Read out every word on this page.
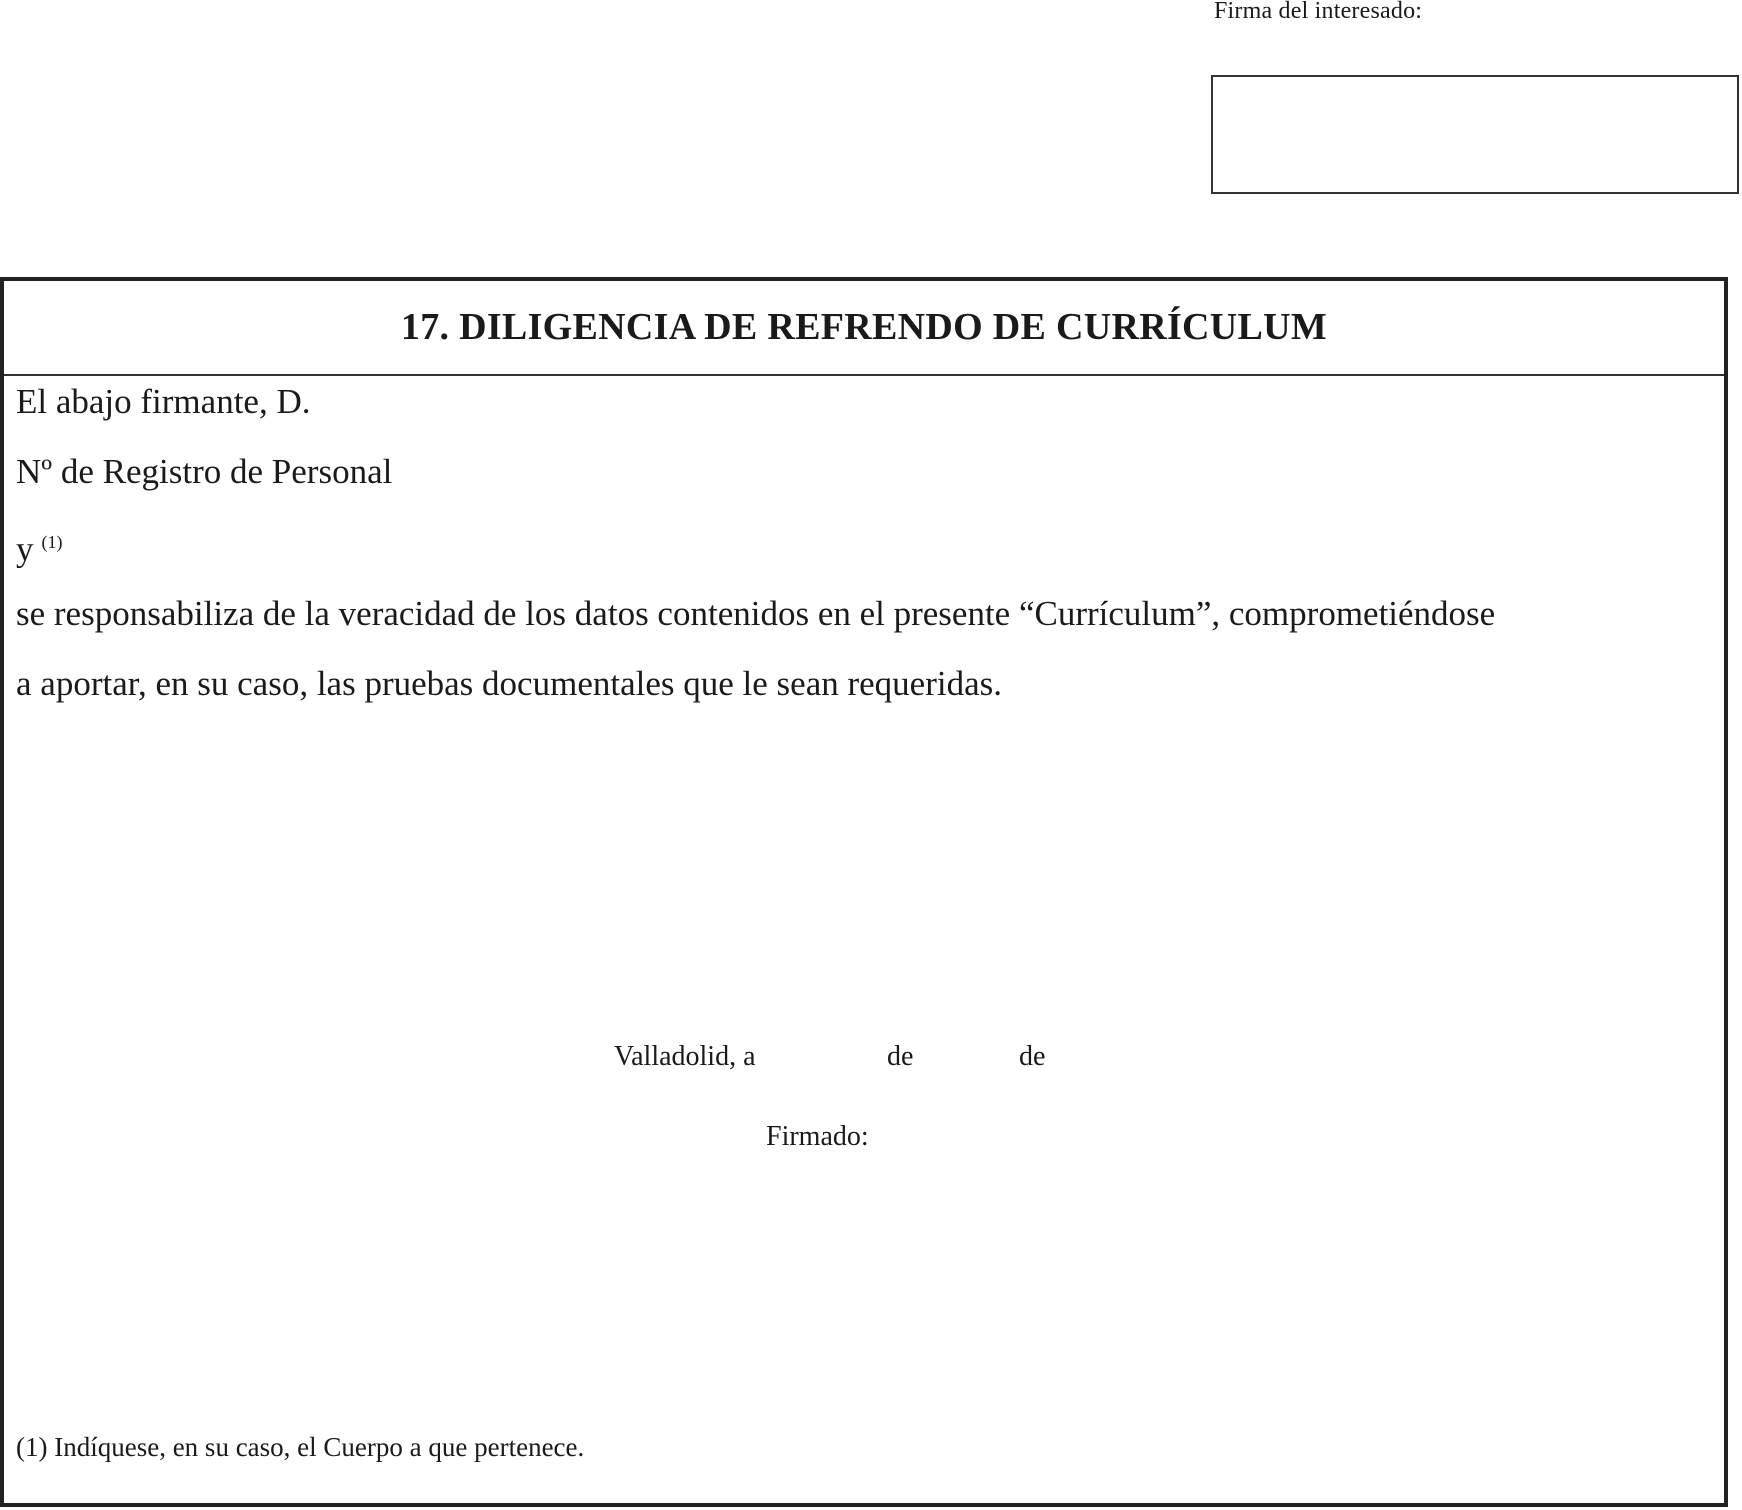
Firma del interesado:
17. DILIGENCIA DE REFRENDO DE CURRÍCULUM
El abajo firmante, D.
Nº de Registro de Personal
y $^{(1)}$
se responsabiliza de la veracidad de los datos contenidos en el presente “Currículum”, comprometiéndose
a aportar, en su caso, las pruebas documentales que le sean requeridas.
Valladolid, a	de	de
Firmado:
(1) Indíquese, en su caso, el Cuerpo a que pertenece.
